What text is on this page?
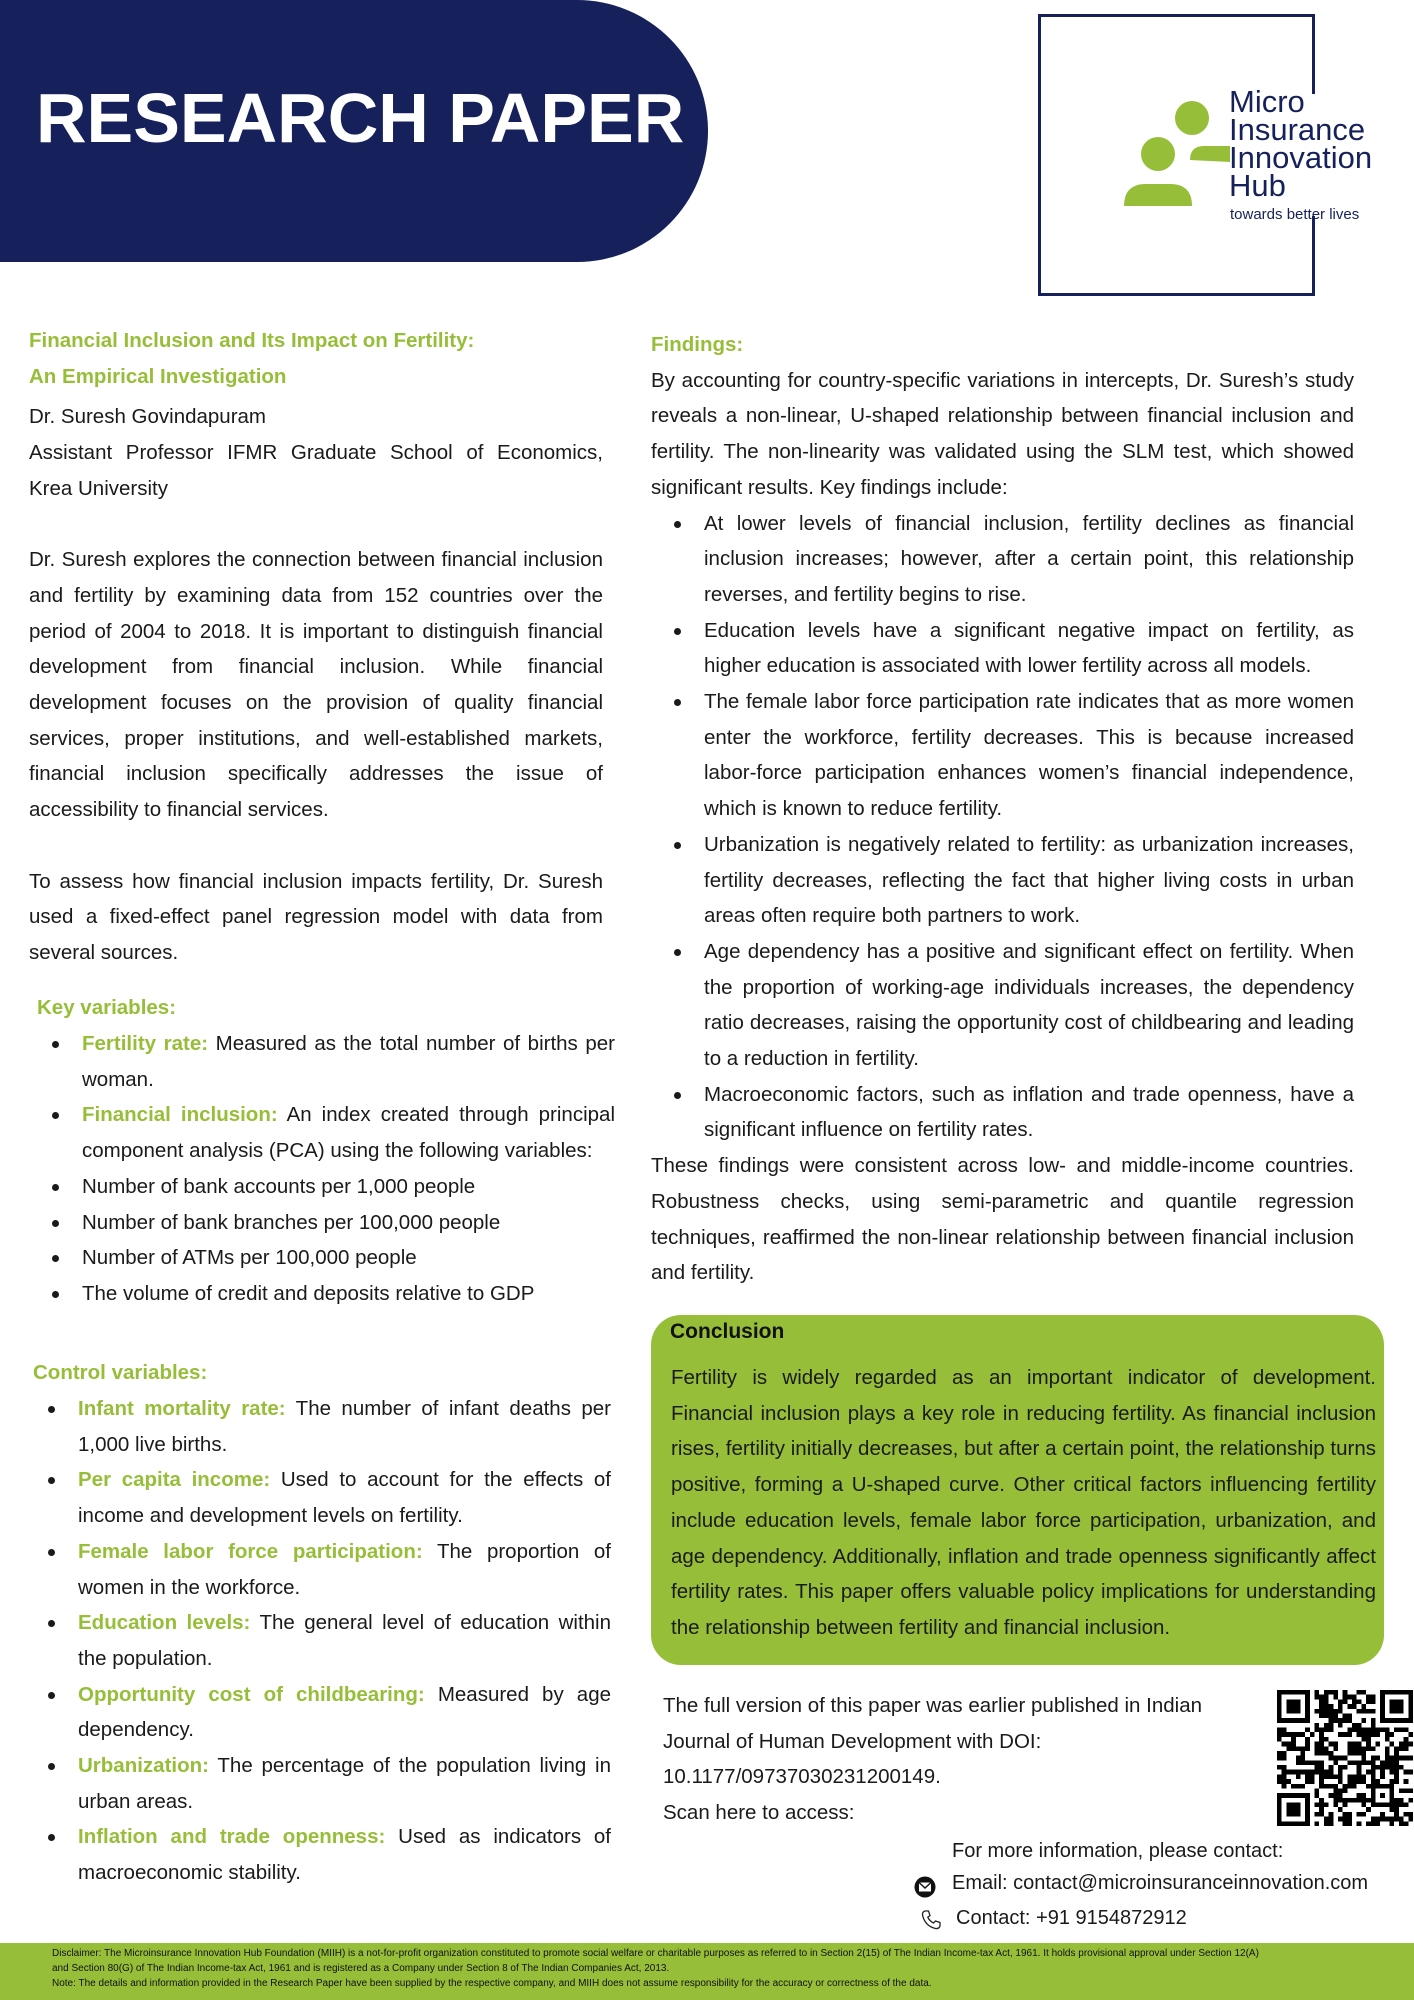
RESEARCH PAPER	Micro
Insurance
Innovation
Hub
towards better lives
Financial Inclusion and Its Impact on Fertility:
An Empirical Investigation

Dr. Suresh Govindapuram

Assistant Professor IFMR Graduate School of Economics, Krea University

Dr. Suresh explores the connection between financial inclusion and fertility by examining data from 152 countries over the period of 2004 to 2018. It is important to distinguish financial development from financial inclusion. While financial development focuses on the provision of quality financial services, proper institutions, and well-established markets, financial inclusion specifically addresses the issue of accessibility to financial services.

To assess how financial inclusion impacts fertility, Dr. Suresh used a fixed-effect panel regression model with data from several sources.

Key variables:
Fertility rate: Measured as the total number of births per woman.
Financial inclusion: An index created through principal component analysis (PCA) using the following variables:
Number of bank accounts per 1,000 people
Number of bank branches per 100,000 people
Number of ATMs per 100,000 people
The volume of credit and deposits relative to GDP
Control variables:
Infant mortality rate: The number of infant deaths per 1,000 live births.
Per capita income: Used to account for the effects of income and development levels on fertility.
Female labor force participation: The proportion of women in the workforce.
Education levels: The general level of education within the population.
Opportunity cost of childbearing: Measured by age dependency.
Urbanization: The percentage of the population living in urban areas.
Inflation and trade openness: Used as indicators of macroeconomic stability.
Findings:

By accounting for country-specific variations in intercepts, Dr. Suresh’s study reveals a non-linear, U-shaped relationship between financial inclusion and fertility. The non-linearity was validated using the SLM test, which showed significant results. Key findings include:

At lower levels of financial inclusion, fertility declines as financial inclusion increases; however, after a certain point, this relationship reverses, and fertility begins to rise.
Education levels have a significant negative impact on fertility, as higher education is associated with lower fertility across all models.
The female labor force participation rate indicates that as more women enter the workforce, fertility decreases. This is because increased labor-force participation enhances women’s financial independence, which is known to reduce fertility.
Urbanization is negatively related to fertility: as urbanization increases, fertility decreases, reflecting the fact that higher living costs in urban areas often require both partners to work.
Age dependency has a positive and significant effect on fertility. When the proportion of working-age individuals increases, the dependency ratio decreases, raising the opportunity cost of childbearing and leading to a reduction in fertility.
Macroeconomic factors, such as inflation and trade openness, have a significant influence on fertility rates.

These findings were consistent across low- and middle-income countries. Robustness checks, using semi-parametric and quantile regression techniques, reaffirmed the non-linear relationship between financial inclusion and fertility.

Conclusion
Fertility is widely regarded as an important indicator of development. Financial inclusion plays a key role in reducing fertility. As financial inclusion rises, fertility initially decreases, but after a certain point, the relationship turns positive, forming a U-shaped curve. Other critical factors influencing fertility include education levels, female labor force participation, urbanization, and age dependency. Additionally, inflation and trade openness significantly affect fertility rates. This paper offers valuable policy implications for understanding the relationship between fertility and financial inclusion.
The full version of this paper was earlier published in Indian Journal of Human Development with DOI: 10.1177/09737030231200149.
Scan here to access:
For more information, please contact:
Email: contact@microinsuranceinnovation.com
Contact: +91 9154872912
Disclaimer: The Microinsurance Innovation Hub Foundation (MIIH) is a not-for-profit organization constituted to promote social welfare or charitable purposes as referred to in Section 2(15) of The Indian Income-tax Act, 1961. It holds provisional approval under Section 12(A)
and Section 80(G) of The Indian Income-tax Act, 1961 and is registered as a Company under Section 8 of The Indian Companies Act, 2013.
Note: The details and information provided in the Research Paper have been supplied by the respective company, and MIIH does not assume responsibility for the accuracy or correctness of the data.
